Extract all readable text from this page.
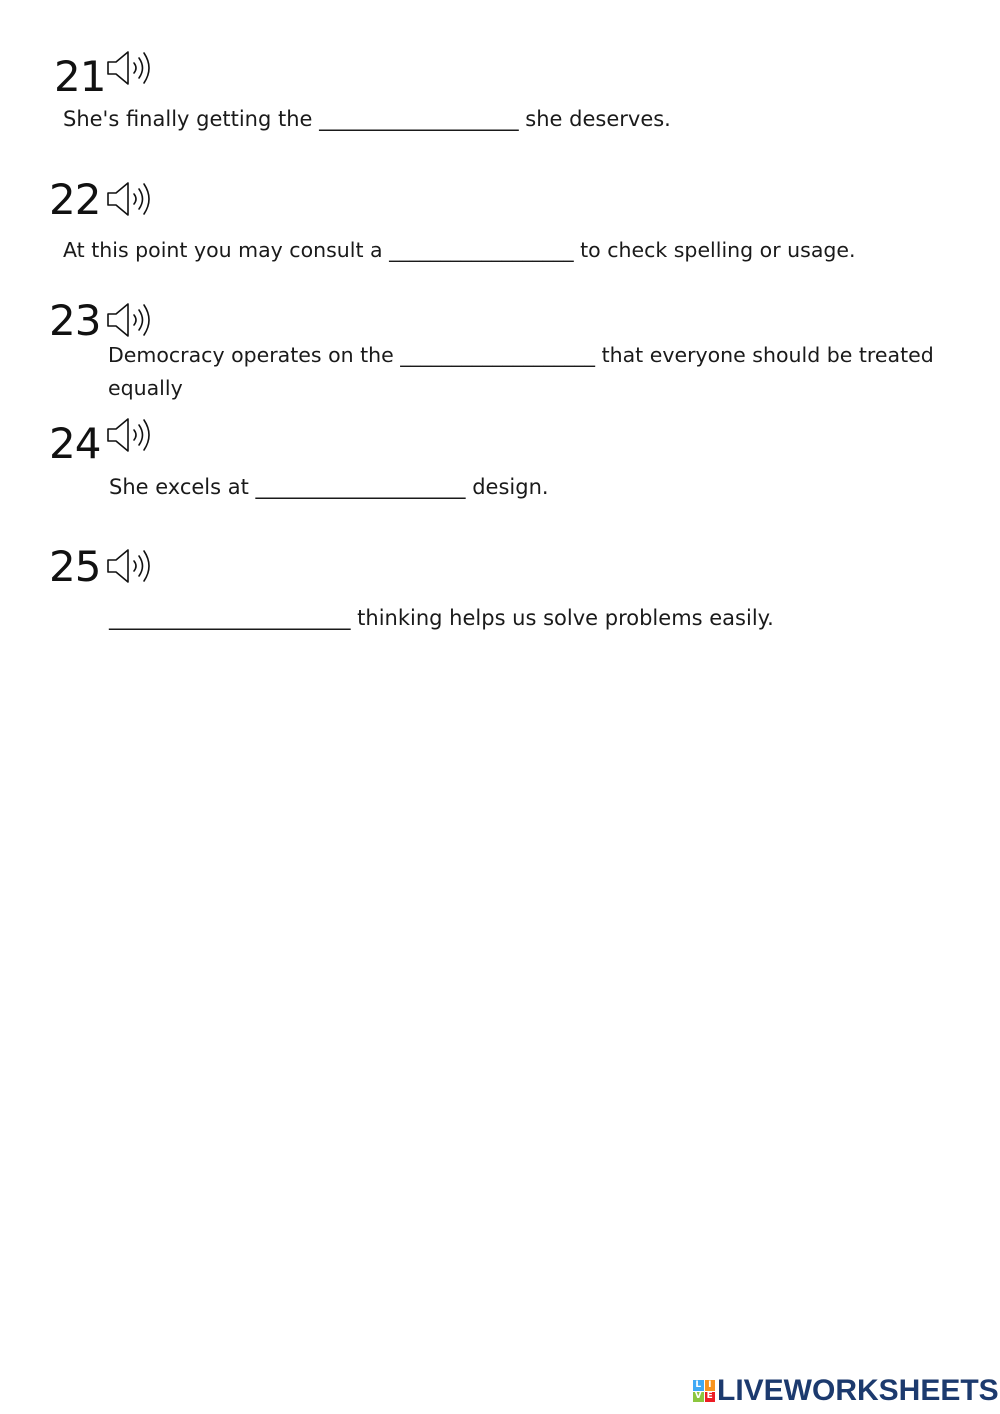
21
She's finally getting the ___________________ she deserves.
22
At this point you may consult a __________________ to check spelling or usage.
23
Democracy operates on the ___________________ that everyone should be treated equally
24
She excels at ____________________ design.
25
_______________________ thinking helps us solve problems easily.
L I
V E LIVEWORKSHEETS
